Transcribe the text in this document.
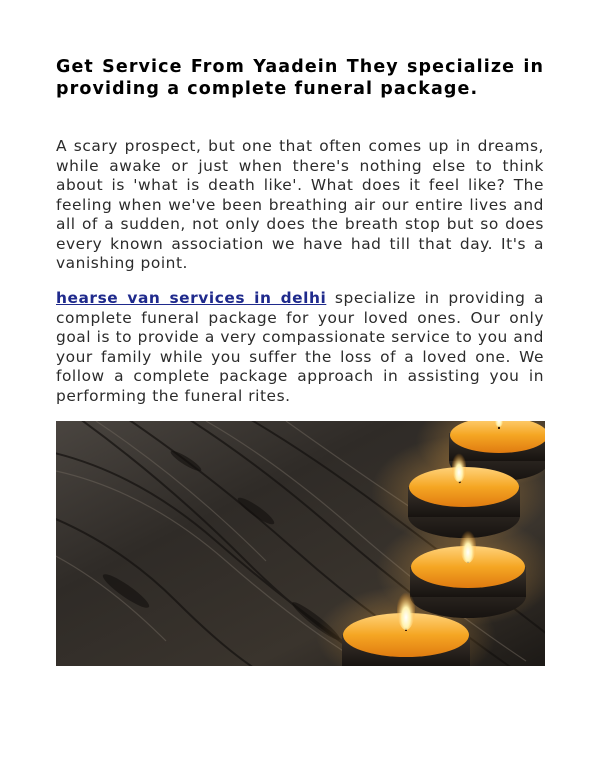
Get Service From Yaadein They specialize in providing a complete funeral package.

A scary prospect, but one that often comes up in dreams, while awake or just when there's nothing else to think about is 'what is death like'. What does it feel like? The feeling when we've been breathing air our entire lives and all of a sudden, not only does the breath stop but so does every known association we have had till that day. It's a vanishing point.

hearse van services in delhi specialize in providing a complete funeral package for your loved ones. Our only goal is to provide a very compassionate service to you and your family while you suffer the loss of a loved one. We follow a complete package approach in assisting you in performing the funeral rites.
